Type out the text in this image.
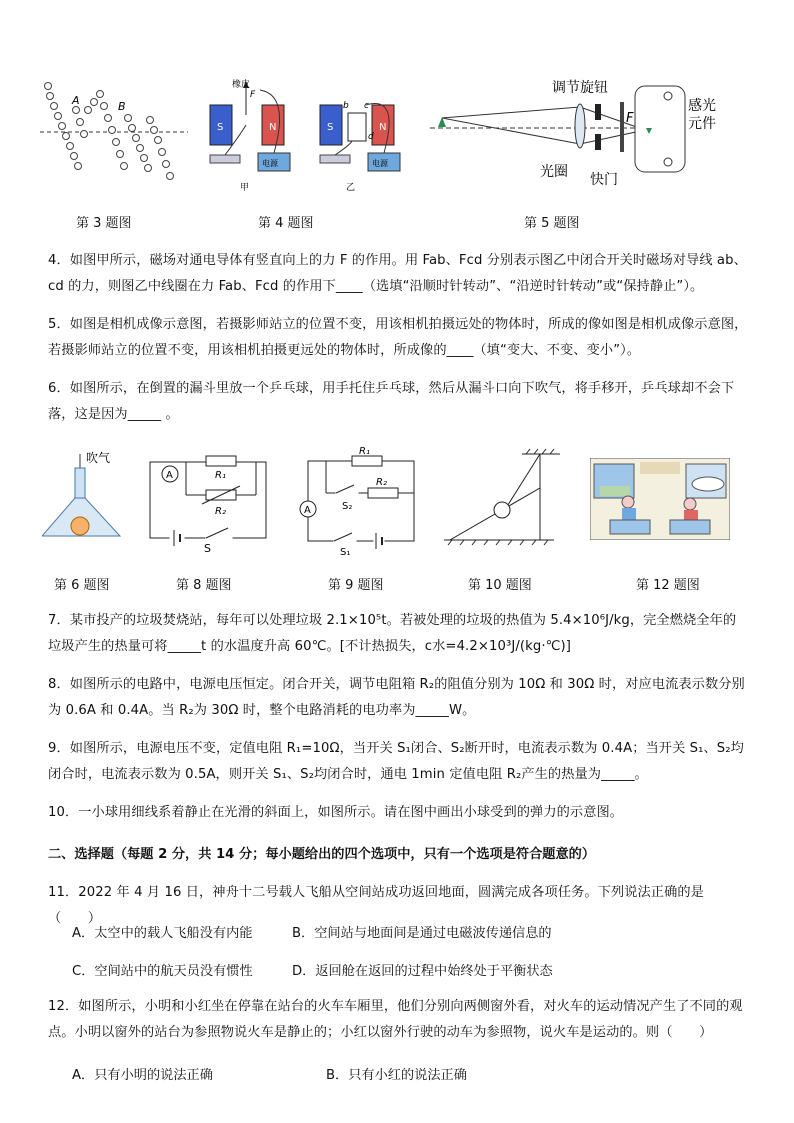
A	B
第 3 题图
S	N
橡皮
F
电源
甲
S	N
b c
d
电源
乙
第 4 题图
F
调节旋钮
感光
元件
光圈 快门
第 5 题图
4．如图甲所示，磁场对通电导体有竖直向上的力 F 的作用。用 Fab、Fcd 分别表示图乙中闭合开关时磁场对导线 ab、cd 的力，则图乙中线圈在力 Fab、Fcd 的作用下____（选填“沿顺时针转动”、“沿逆时针转动”或“保持静止”）。
5．如图是相机成像示意图，若摄影师站立的位置不变，用该相机拍摄远处的物体时，所成的像如图是相机成像示意图，若摄影师站立的位置不变，用该相机拍摄更远处的物体时，所成像的____（填“变大、不变、变小”）。
6．如图所示，在倒置的漏斗里放一个乒乓球，用手托住乒乓球，然后从漏斗口向下吹气，将手移开，乒乓球却不会下落，这是因为_____ 。
吹气
第 6 题图
A	R₁
R₂
S
第 8 题图
R₁
R₂
S₂
A
S₁
第 9 题图	第 10 题图	第 12 题图
7．某市投产的垃圾焚烧站，每年可以处理垃圾 2.1×10⁵t。若被处理的垃圾的热值为 5.4×10⁶J/kg，完全燃烧全年的垃圾产生的热量可将_____t 的水温度升高 60℃。[不计热损失，c水=4.2×10³J/(kg·℃)]
8．如图所示的电路中，电源电压恒定。闭合开关，调节电阻箱 R₂的阻值分别为 10Ω 和 30Ω 时，对应电流表示数分别为 0.6A 和 0.4A。当 R₂为 30Ω 时，整个电路消耗的电功率为_____W。
9．如图所示，电源电压不变，定值电阻 R₁=10Ω，当开关 S₁闭合、S₂断开时，电流表示数为 0.4A；当开关 S₁、S₂均闭合时，电流表示数为 0.5A，则开关 S₁、S₂均闭合时，通电 1min 定值电阻 R₂产生的热量为_____。
10．一小球用细线系着静止在光滑的斜面上，如图所示。请在图中画出小球受到的弹力的示意图。
二、选择题（每题 2 分，共 14 分；每小题给出的四个选项中，只有一个选项是符合题意的）
11．2022 年 4 月 16 日，神舟十二号载人飞船从空间站成功返回地面，圆满完成各项任务。下列说法正确的是（　　）
A．太空中的载人飞船没有内能	B．空间站与地面间是通过电磁波传递信息的
C．空间站中的航天员没有惯性	D．返回舱在返回的过程中始终处于平衡状态
12．如图所示，小明和小红坐在停靠在站台的火车车厢里，他们分别向两侧窗外看，对火车的运动情况产生了不同的观点。小明以窗外的站台为参照物说火车是静止的；小红以窗外行驶的动车为参照物，说火车是运动的。则（　　）
A．只有小明的说法正确	B．只有小红的说法正确
